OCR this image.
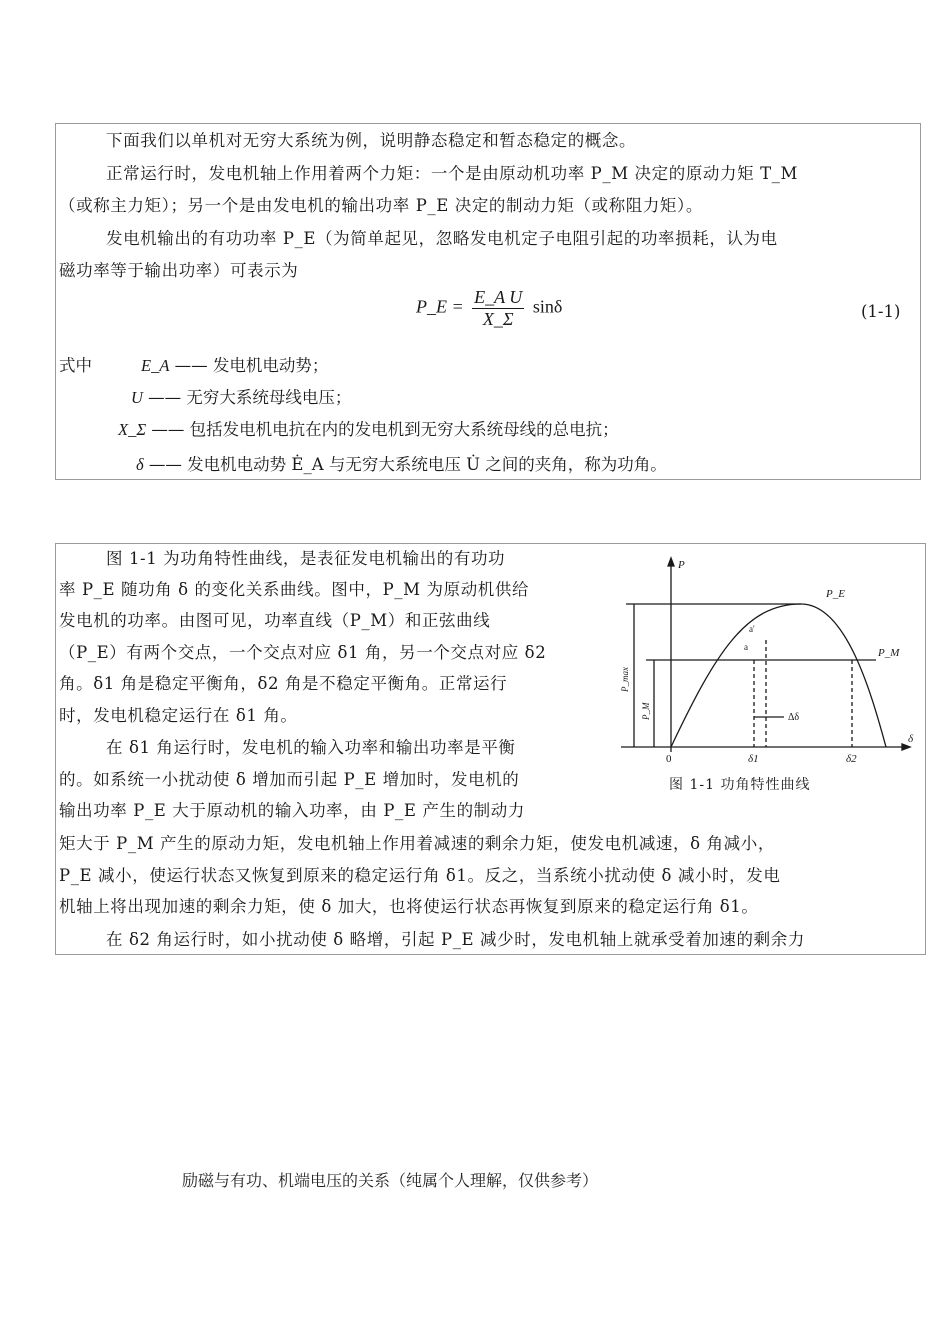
下面我们以单机对无穷大系统为例，说明静态稳定和暂态稳定的概念。
正常运行时，发电机轴上作用着两个力矩：一个是由原动机功率 P_M 决定的原动力矩 T_M
（或称主力矩）；另一个是由发电机的输出功率 P_E 决定的制动力矩（或称阻力矩）。
发电机输出的有功功率 P_E（为简单起见，忽略发电机定子电阻引起的功率损耗，认为电
磁功率等于输出功率）可表示为
P_E = $\frac{\text{E\_A U}}{X\_\Sigma}$ sinδ	(1-1)
式中	E_A —— 发电机电动势；
U —— 无穷大系统母线电压；
X_Σ —— 包括发电机电抗在内的发电机到无穷大系统母线的总电抗；
δ —— 发电机电动势 Ė_A 与无穷大系统电压 U̇ 之间的夹角，称为功角。
图 1-1 为功角特性曲线，是表征发电机输出的有功功
率 P_E 随功角 δ 的变化关系曲线。图中，P_M 为原动机供给
发电机的功率。由图可见，功率直线（P_M）和正弦曲线
（P_E）有两个交点，一个交点对应 δ1 角，另一个交点对应 δ2
角。δ1 角是稳定平衡角，δ2 角是不稳定平衡角。正常运行
时，发电机稳定运行在 δ1 角。
在 δ1 角运行时，发电机的输入功率和输出功率是平衡
的。如系统一小扰动使 δ 增加而引起 P_E 增加时，发电机的
输出功率 P_E 大于原动机的输入功率，由 P_E 产生的制动力
矩大于 P_M 产生的原动力矩，发电机轴上作用着减速的剩余力矩，使发电机减速，δ 角减小，
P_E 减小，使运行状态又恢复到原来的稳定运行角 δ1。反之，当系统小扰动使 δ 减小时，发电
机轴上将出现加速的剩余力矩，使 δ 加大，也将使运行状态再恢复到原来的稳定运行角 δ1。
在 δ2 角运行时，如小扰动使 δ 略增，引起 P_E 减少时，发电机轴上就承受着加速的剩余力
P
δ
P_E
P_M
a'
a
Δδ
0	δ1	δ2
P_max
P_M
图 1-1 功角特性曲线
励磁与有功、机端电压的关系（纯属个人理解，仅供参考）
